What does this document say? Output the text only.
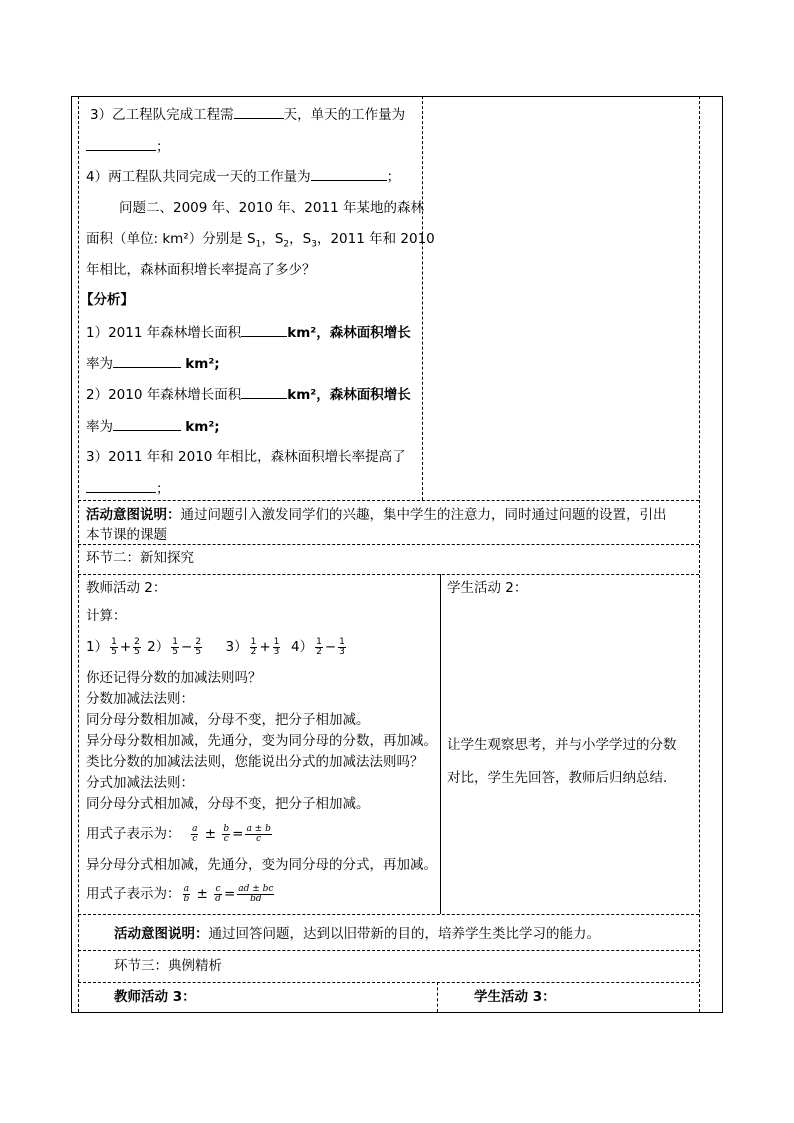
3）乙工程队完成工程需	天，单天的工作量为
；
4）两工程队共同完成一天的工作量为	；
问题二、2009 年、2010 年、2011 年某地的森林
面积（单位: km²）分别是 $S_1$，$S_2$，$S_3$，2011 年和 2010
年相比，森林面积增长率提高了多少？
【分析】
1）2011 年森林增长面积	km²，森林面积增长
率为	km²;
2）2010 年森林增长面积	km²，森林面积增长
率为	km²;
3）2011 年和 2010 年相比，森林面积增长率提高了
；
活动意图说明：通过问题引入激发同学们的兴趣，集中学生的注意力，同时通过问题的设置，引出
本节课的课题
环节二：新知探究
教师活动 2：
计算：
$1) \frac{1}{5} + \frac{2}{5} 2) \frac{1}{5} - \frac{2}{5} 3) \frac{1}{2} + \frac{1}{3} 4) \frac{1}{2} - \frac{1}{3}$
你还记得分数的加减法则吗？
分数加减法法则：
同分母分数相加减，分母不变，把分子相加减。
异分母分数相加减，先通分，变为同分母的分数，再加减。
类比分数的加减法法则，您能说出分式的加减法法则吗？
分式加减法法则：
同分母分式相加减，分母不变，把分子相加减。
用式子表示为： $\frac{a}{c} \pm \frac{b}{c} = \frac{a \pm b}{c}$
异分母分式相加减，先通分，变为同分母的分式，再加减。
用式子表示为： $\frac{a}{b} \pm \frac{c}{d} = \frac{ad \pm bc}{bd}$
学生活动 2：
让学生观察思考，并与小学学过的分数
对比，学生先回答，教师后归纳总结.
活动意图说明：通过回答问题，达到以旧带新的目的，培养学生类比学习的能力。
环节三：典例精析
教师活动 3：	学生活动 3：
